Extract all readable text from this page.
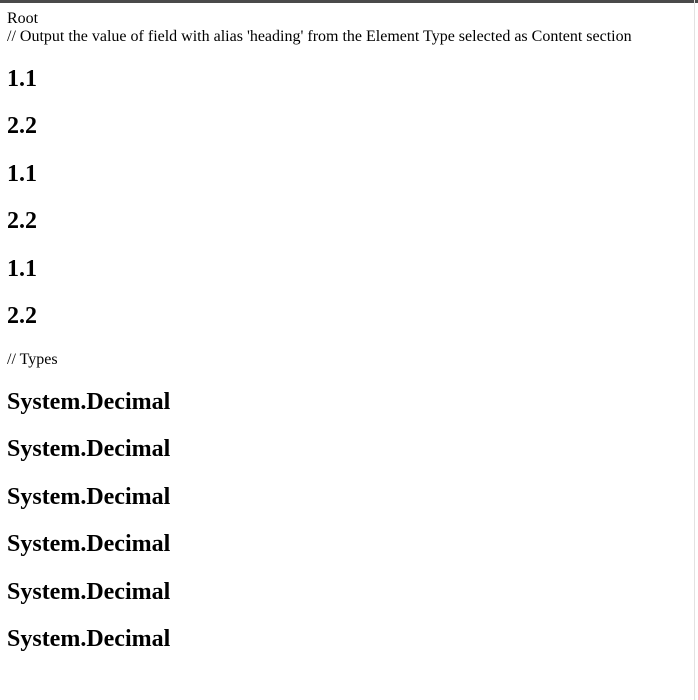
Root
// Output the value of field with alias 'heading' from the Element Type selected as Content section
1.1
2.2
1.1
2.2
1.1
2.2
// Types
System.Decimal
System.Decimal
System.Decimal
System.Decimal
System.Decimal
System.Decimal
